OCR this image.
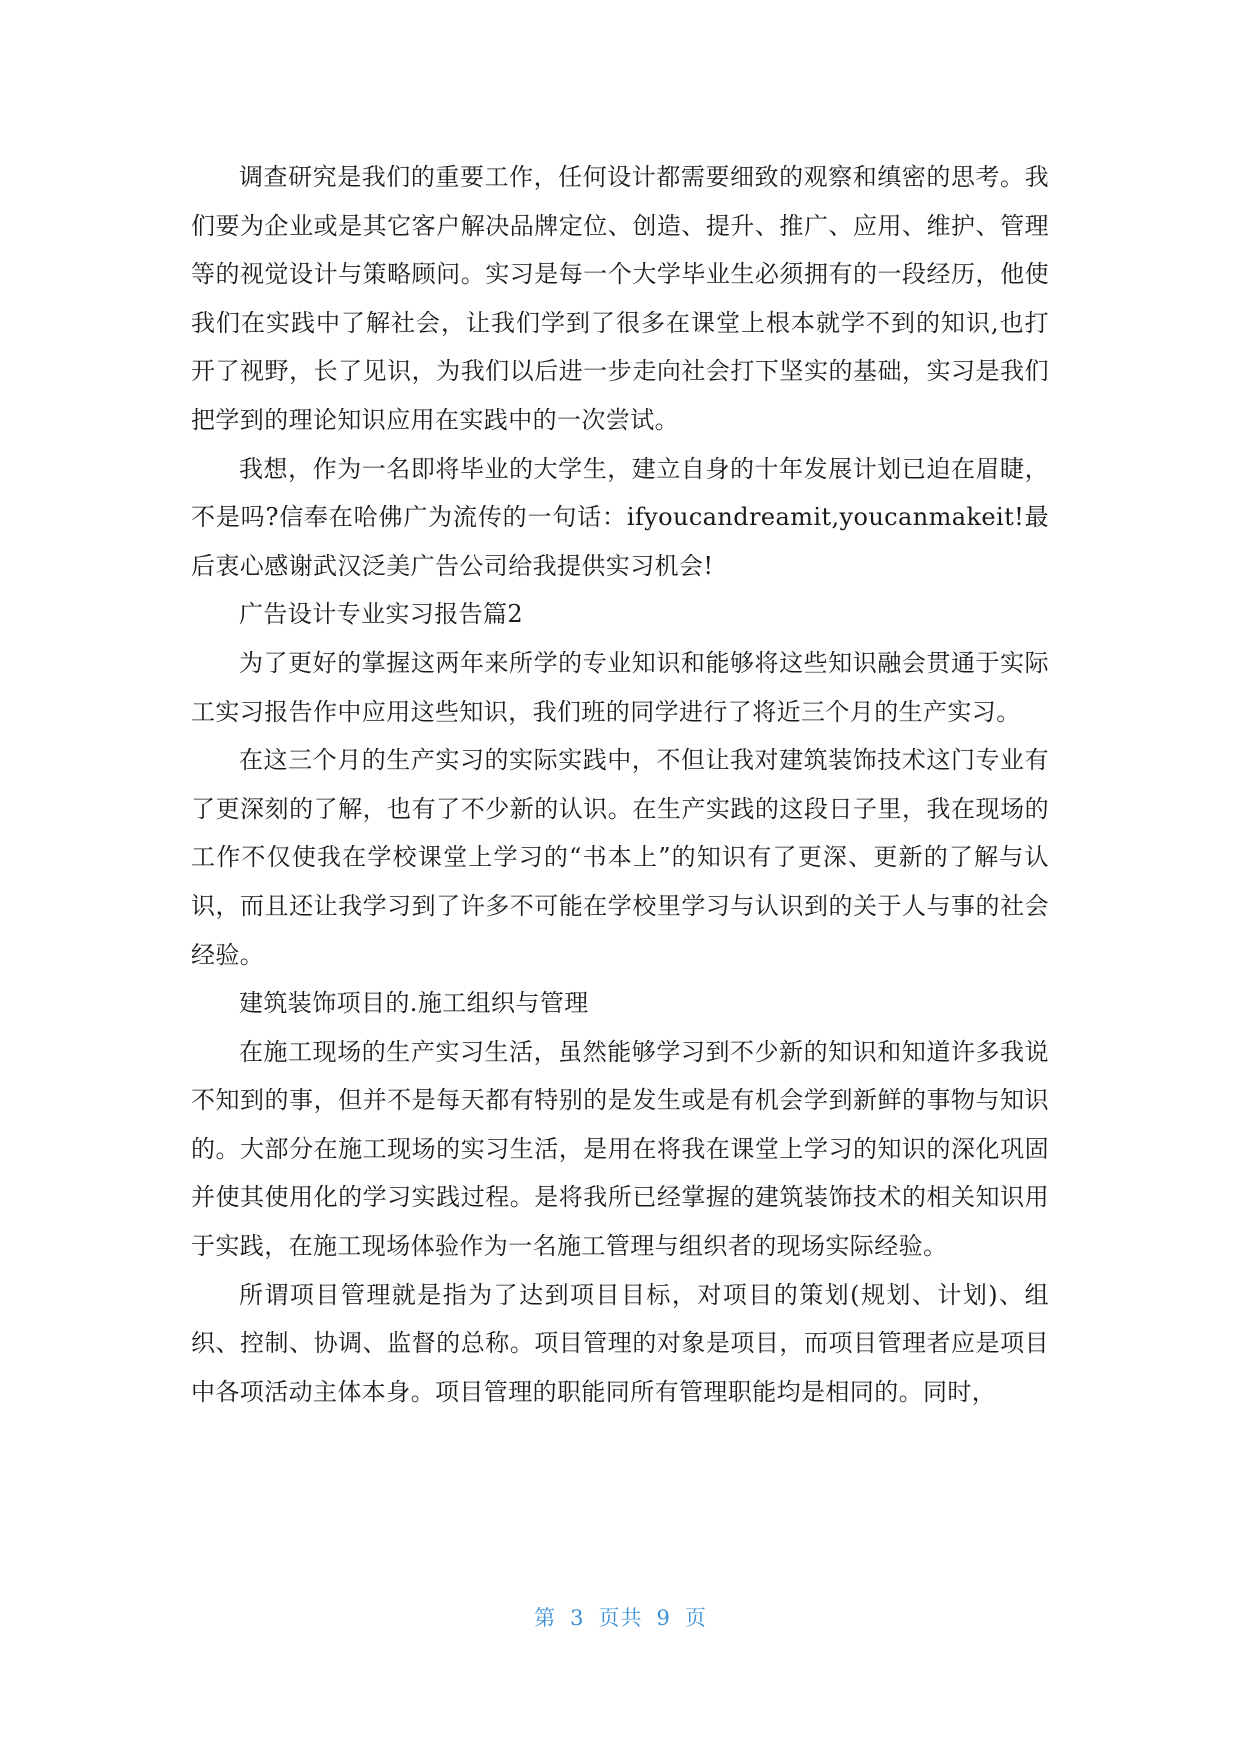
调查研究是我们的重要工作，任何设计都需要细致的观察和缜密的思考。我们要为企业或是其它客户解决品牌定位、创造、提升、推广、应用、维护、管理等的视觉设计与策略顾问。实习是每一个大学毕业生必须拥有的一段经历，他使我们在实践中了解社会，让我们学到了很多在课堂上根本就学不到的知识,也打开了视野，长了见识，为我们以后进一步走向社会打下坚实的基础，实习是我们把学到的理论知识应用在实践中的一次尝试。

我想，作为一名即将毕业的大学生，建立自身的十年发展计划已迫在眉睫，不是吗?信奉在哈佛广为流传的一句话：ifyoucandreamit,youcanmakeit!最后衷心感谢武汉泛美广告公司给我提供实习机会!

广告设计专业实习报告篇2

为了更好的掌握这两年来所学的专业知识和能够将这些知识融会贯通于实际工实习报告作中应用这些知识，我们班的同学进行了将近三个月的生产实习。

在这三个月的生产实习的实际实践中，不但让我对建筑装饰技术这门专业有了更深刻的了解，也有了不少新的认识。在生产实践的这段日子里，我在现场的工作不仅使我在学校课堂上学习的“书本上”的知识有了更深、更新的了解与认识，而且还让我学习到了许多不可能在学校里学习与认识到的关于人与事的社会经验。

建筑装饰项目的.施工组织与管理

在施工现场的生产实习生活，虽然能够学习到不少新的知识和知道许多我说不知到的事，但并不是每天都有特别的是发生或是有机会学到新鲜的事物与知识的。大部分在施工现场的实习生活，是用在将我在课堂上学习的知识的深化巩固并使其使用化的学习实践过程。是将我所已经掌握的建筑装饰技术的相关知识用于实践，在施工现场体验作为一名施工管理与组织者的现场实际经验。

所谓项目管理就是指为了达到项目目标，对项目的策划(规划、计划)、组织、控制、协调、监督的总称。项目管理的对象是项目，而项目管理者应是项目中各项活动主体本身。项目管理的职能同所有管理职能均是相同的。同时，

第 3 页共 9 页
